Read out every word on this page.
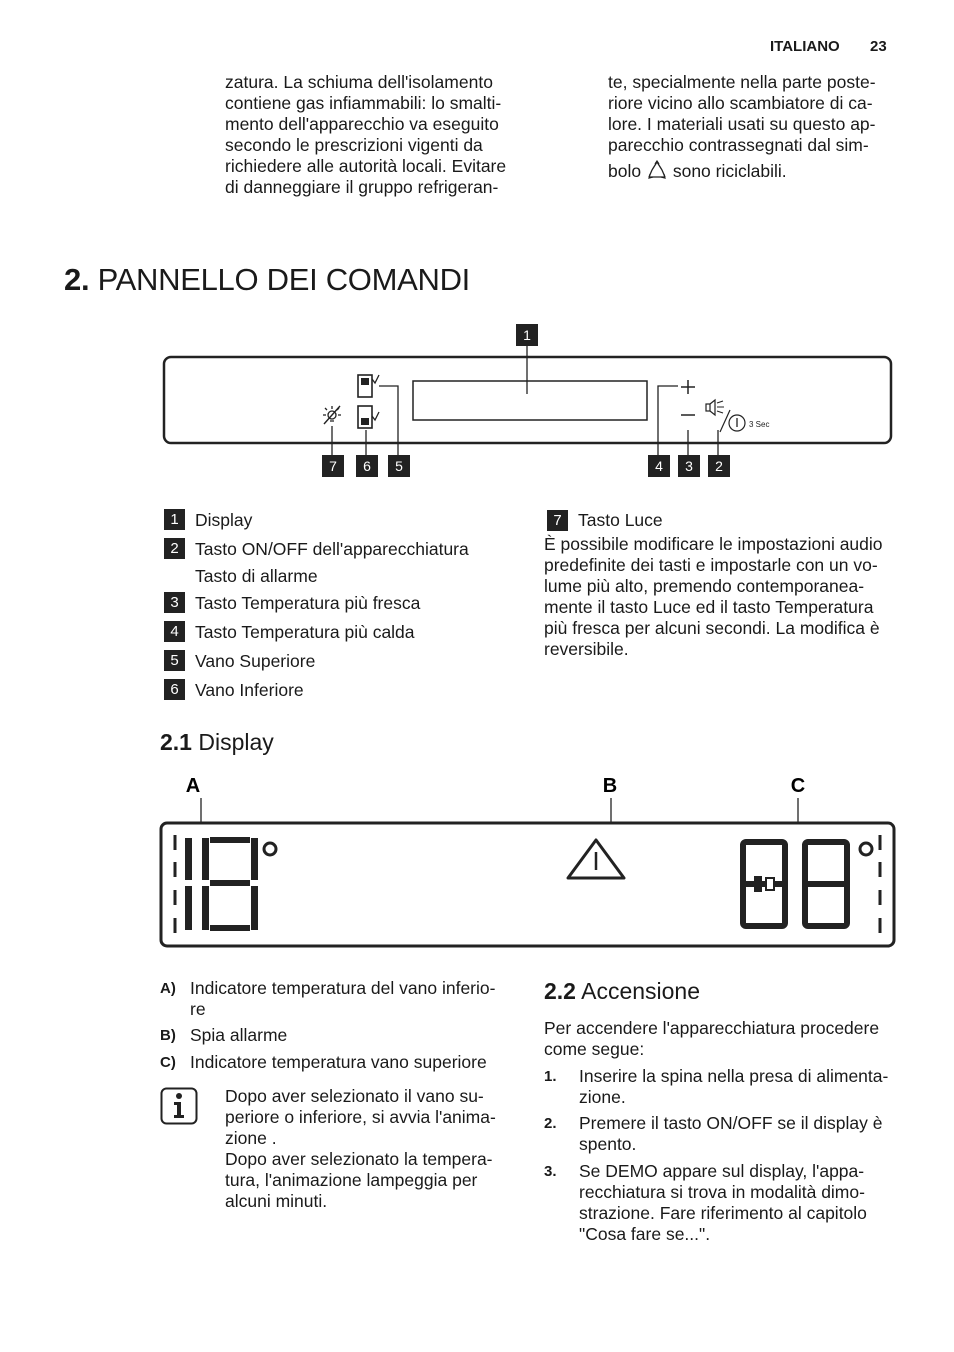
ITALIANO 23
zatura. La schiuma dell'isolamento
contiene gas infiammabili: lo smalti-
mento dell'apparecchio va eseguito
secondo le prescrizioni vigenti da
richiedere alle autorità locali. Evitare
di danneggiare il gruppo refrigeran-
te, specialmente nella parte poste-
riore vicino allo scambiatore di ca-
lore. I materiali usati su questo ap-
parecchio contrassegnati dal sim-
bolo sono riciclabili.
2. PANNELLO DEI COMANDI
1
3 Sec
7 6 5	4 3 2
1 Display
2 Tasto ON/OFF dell'apparecchiatura
Tasto di allarme
3 Tasto Temperatura più fresca
4 Tasto Temperatura più calda
5 Vano Superiore
6 Vano Inferiore
7 Tasto Luce
È possibile modificare le impostazioni audio
predefinite dei tasti e impostarle con un vo-
lume più alto, premendo contemporanea-
mente il tasto Luce ed il tasto Temperatura
più fresca per alcuni secondi. La modifica è
reversibile.
2.1 Display
A	B	C
A) Indicatore temperatura del vano inferio-
re
B) Spia allarme
C) Indicatore temperatura vano superiore
Dopo aver selezionato il vano su-
periore o inferiore, si avvia l'anima-
zione .
Dopo aver selezionato la tempera-
tura, l'animazione lampeggia per
alcuni minuti.
2.2 Accensione
Per accendere l'apparecchiatura procedere
come segue:
1. Inserire la spina nella presa di alimenta-
zione.
2. Premere il tasto ON/OFF se il display è
spento.
3. Se DEMO appare sul display, l'appa-
recchiatura si trova in modalità dimo-
strazione. Fare riferimento al capitolo
"Cosa fare se...".
